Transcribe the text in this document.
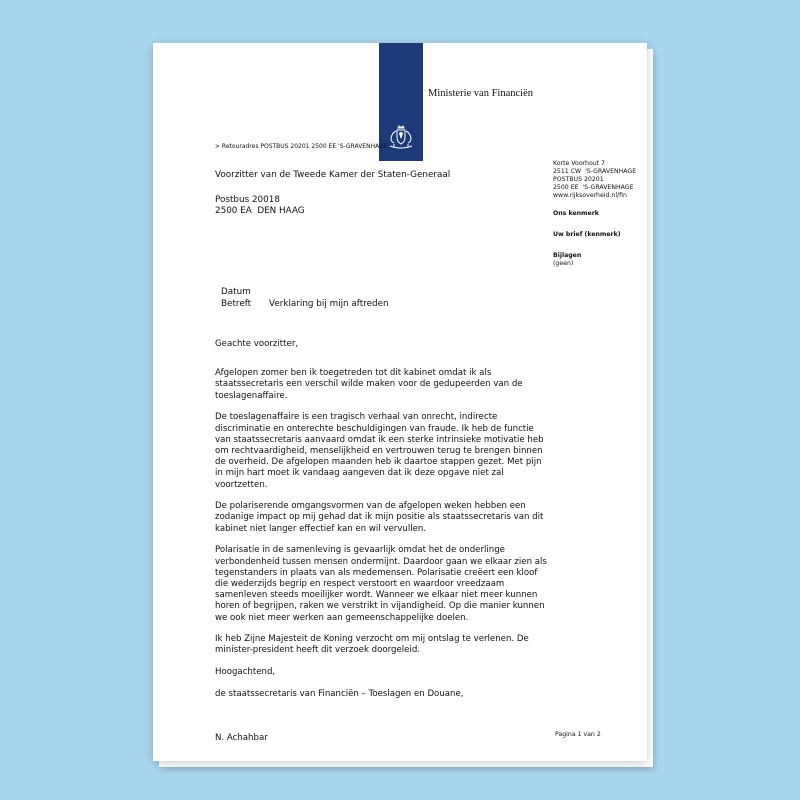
Ministerie van Financiën
> Retouradres POSTBUS 20201 2500 EE 'S-GRAVENHAGE
Voorzitter van de Tweede Kamer der Staten-Generaal
Postbus 20018
2500 EA  DEN HAAG
Korte Voorhout 7
2511 CW  'S-GRAVENHAGE
POSTBUS 20201
2500 EE  'S-GRAVENHAGE
www.rijksoverheid.nl/fin
Ons kenmerk
Uw brief (kenmerk)
Bijlagen
(geen)
Datum
Betreft	Verklaring bij mijn aftreden

Geachte voorzitter,

Afgelopen zomer ben ik toegetreden tot dit kabinet omdat ik als staatssecretaris een verschil wilde maken voor de gedupeerden van de toeslagenaffaire.

De toeslagenaffaire is een tragisch verhaal van onrecht, indirecte discriminatie en onterechte beschuldigingen van fraude. Ik heb de functie van staatssecretaris aanvaard omdat ik een sterke intrinsieke motivatie heb om rechtvaardigheid, menselijkheid en vertrouwen terug te brengen binnen de overheid. De afgelopen maanden heb ik daartoe stappen gezet. Met pijn in mijn hart moet ik vandaag aangeven dat ik deze opgave niet zal voortzetten.

De polariserende omgangsvormen van de afgelopen weken hebben een zodanige impact op mij gehad dat ik mijn positie als staatssecretaris van dit kabinet niet langer effectief kan en wil vervullen.

Polarisatie in de samenleving is gevaarlijk omdat het de onderlinge verbondenheid tussen mensen ondermijnt. Daardoor gaan we elkaar zien als tegenstanders in plaats van als medemensen. Polarisatie creëert een kloof die wederzijds begrip en respect verstoort en waardoor vreedzaam samenleven steeds moeilijker wordt. Wanneer we elkaar niet meer kunnen horen of begrijpen, raken we verstrikt in vijandigheid. Op die manier kunnen we ook niet meer werken aan gemeenschappelijke doelen.

Ik heb Zijne Majesteit de Koning verzocht om mij ontslag te verlenen. De minister-president heeft dit verzoek doorgeleid.

Hoogachtend,

de staatssecretaris van Financiën – Toeslagen en Douane,

N. Achahbar	Pagina 1 van 2
